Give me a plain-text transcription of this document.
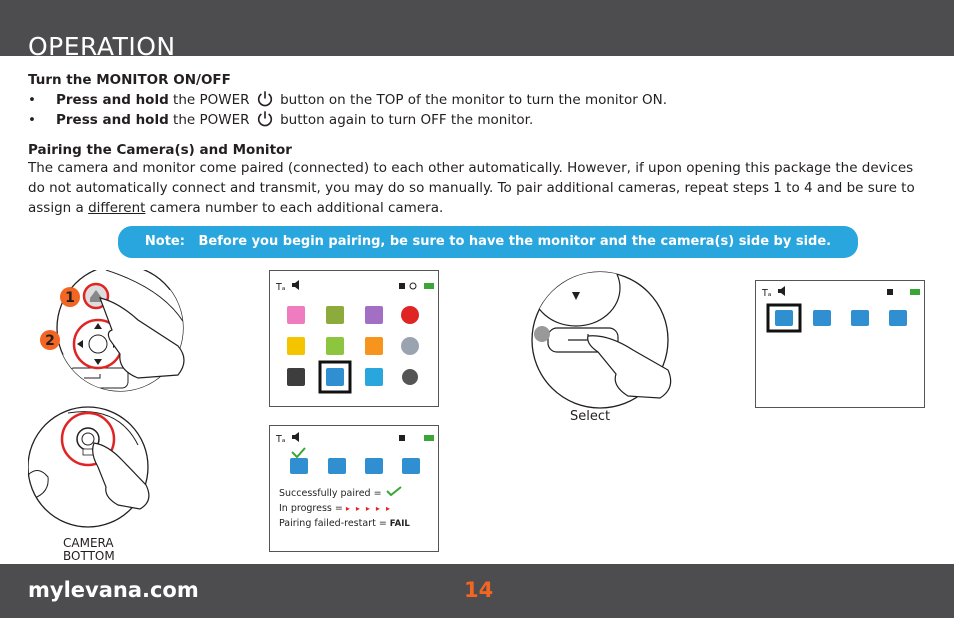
OPERATION
Turn the MONITOR ON/OFF
• Press and hold the POWER  button on the TOP of the monitor to turn the monitor ON.
• Press and hold the POWER  button again to turn OFF the monitor.
Pairing the Camera(s) and Monitor
The camera and monitor come paired (connected) to each other automatically. However, if upon opening this package the devices do not automatically connect and transmit, you may do so manually. To pair additional cameras, repeat steps 1 to 4 and be sure to assign a different camera number to each additional camera.
Note: Before you begin pairing, be sure to have the monitor and the camera(s) side by side.
1
2
CAMERA
BOTTOM
Tₐ
Tₐ
Successfully paired =
In progress = ▸▸▸▸▸
Pairing failed-restart = FAIL
Select
Tₐ
mylevana.com	14
